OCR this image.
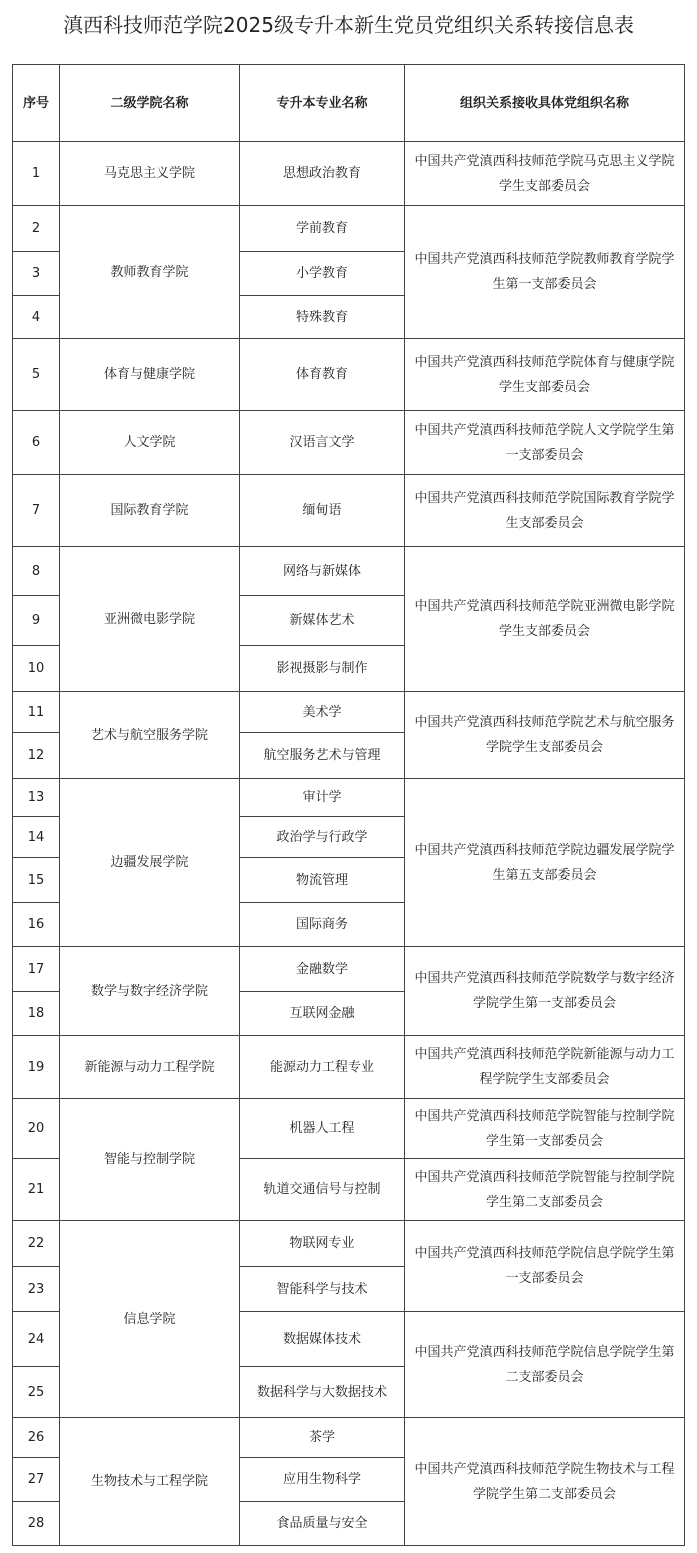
滇西科技师范学院2025级专升本新生党员党组织关系转接信息表
序号	二级学院名称	专升本专业名称	组织关系接收具体党组织名称
1	马克思主义学院	思想政治教育	中国共产党滇西科技师范学院马克思主义学院学生支部委员会
2	教师教育学院	学前教育	中国共产党滇西科技师范学院教师教育学院学生第一支部委员会
3		小学教育	
4		特殊教育	
5	体育与健康学院	体育教育	中国共产党滇西科技师范学院体育与健康学院学生支部委员会
6	人文学院	汉语言文学	中国共产党滇西科技师范学院人文学院学生第一支部委员会
7	国际教育学院	缅甸语	中国共产党滇西科技师范学院国际教育学院学生支部委员会
8	亚洲微电影学院	网络与新媒体	中国共产党滇西科技师范学院亚洲微电影学院学生支部委员会
9		新媒体艺术	
10		影视摄影与制作	
11	艺术与航空服务学院	美术学	中国共产党滇西科技师范学院艺术与航空服务学院学生支部委员会
12		航空服务艺术与管理	
13	边疆发展学院	审计学	中国共产党滇西科技师范学院边疆发展学院学生第五支部委员会
14		政治学与行政学	
15		物流管理	
16		国际商务	
17	数学与数字经济学院	金融数学	中国共产党滇西科技师范学院数学与数字经济学院学生第一支部委员会
18		互联网金融	
19	新能源与动力工程学院	能源动力工程专业	中国共产党滇西科技师范学院新能源与动力工程学院学生支部委员会
20	智能与控制学院	机器人工程	中国共产党滇西科技师范学院智能与控制学院学生第一支部委员会
21		轨道交通信号与控制	中国共产党滇西科技师范学院智能与控制学院学生第二支部委员会
22	信息学院	物联网专业	中国共产党滇西科技师范学院信息学院学生第一支部委员会
23		智能科学与技术	
24		数据媒体技术	中国共产党滇西科技师范学院信息学院学生第二支部委员会
25		数据科学与大数据技术	
26	生物技术与工程学院	茶学	中国共产党滇西科技师范学院生物技术与工程学院学生第二支部委员会
27		应用生物科学	
28		食品质量与安全	
